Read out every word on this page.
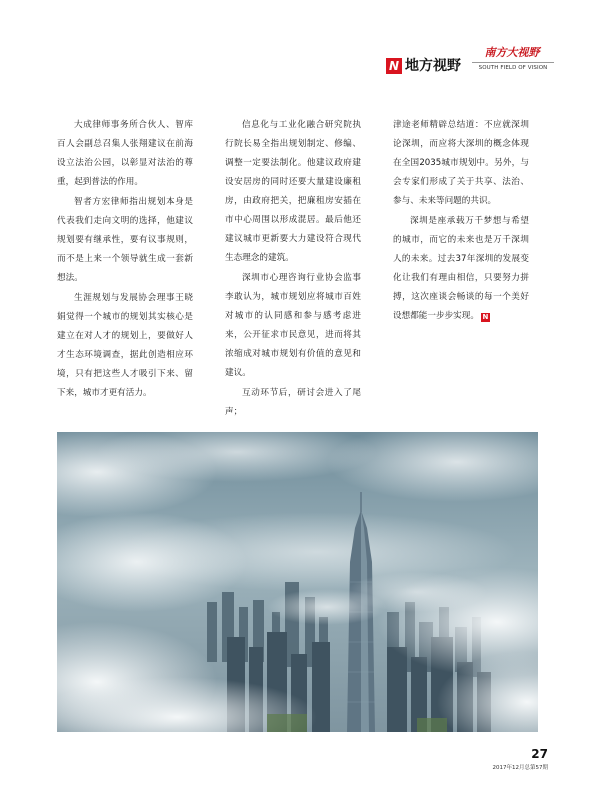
N 地方视野
南方大视野
SOUTH FIELD OF VISION

大成律师事务所合伙人、智库百人会副总召集人张翔建议在前海设立法治公园，以彰显对法治的尊重，起到普法的作用。

智者方宏律师指出规划本身是代表我们走向文明的选择，他建议规划要有继承性，要有议事规则，而不是上来一个领导就生成一套新想法。

生涯规划与发展协会理事王晓娟觉得一个城市的规划其实核心是建立在对人才的规划上，要做好人才生态环境调查，据此创造相应环境，只有把这些人才吸引下来、留下来，城市才更有活力。

信息化与工业化融合研究院执行院长易全指出规划制定、修编、调整一定要法制化。他建议政府建设安居房的同时还要大量建设廉租房，由政府把关，把廉租房安插在市中心周围以形成混居。最后他还建议城市更新要大力建设符合现代生态理念的建筑。

深圳市心理咨询行业协会监事李敢认为，城市规划应将城市百姓对城市的认同感和参与感考虑进来，公开征求市民意见，进而将其浓缩成对城市规划有价值的意见和建议。

互动环节后，研讨会进入了尾声；

津途老师精辟总结道：不应就深圳论深圳，而应将大深圳的概念体现在全国2035城市规划中。另外，与会专家们形成了关于共享、法治、参与、未来等问题的共识。

深圳是座承载万千梦想与希望的城市，而它的未来也是万千深圳人的未来。过去37年深圳的发展变化让我们有理由相信，只要努力拼搏，这次座谈会畅谈的每一个美好设想都能一步步实现。 N

27
2017年12月总第57期
